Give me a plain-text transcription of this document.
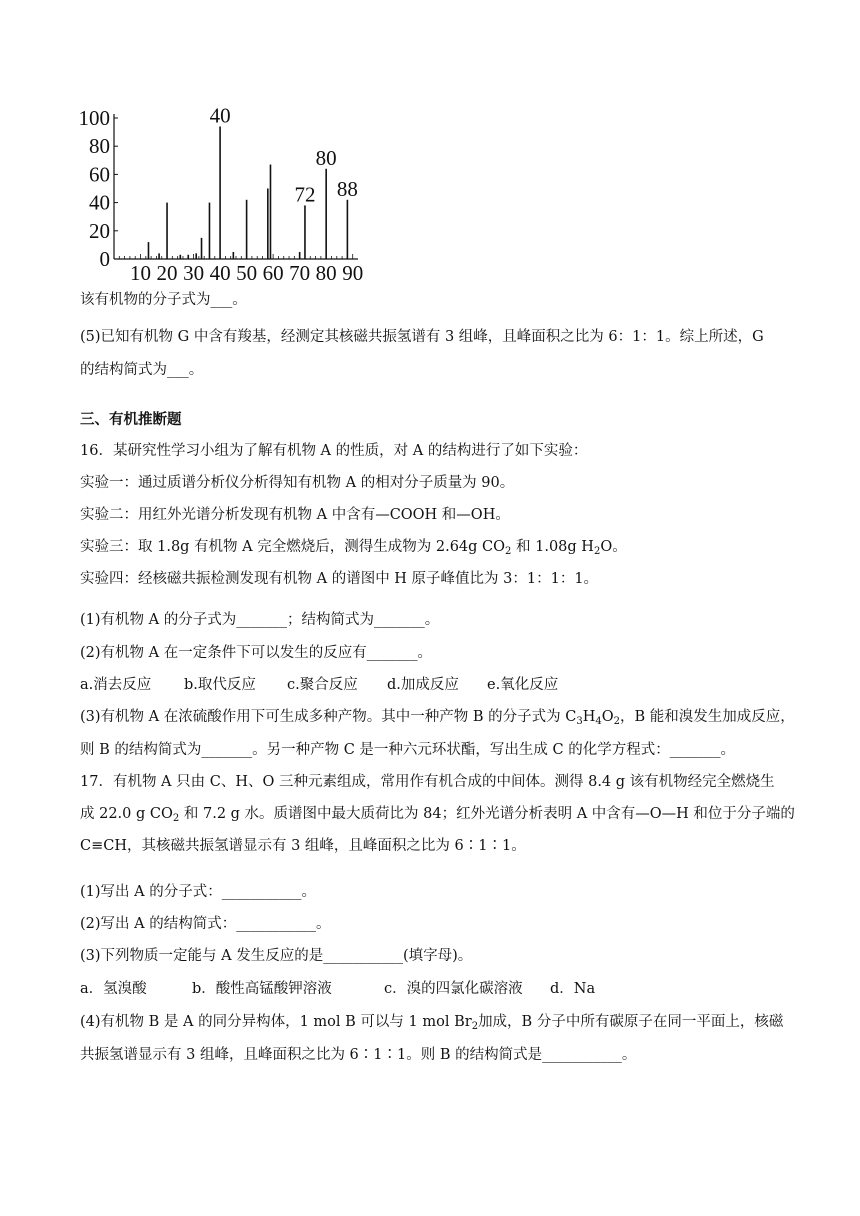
0
20
40
60
80
100
10 20 30 40 50 60 70 80 90
40
72
80
88
该有机物的分子式为___。
(5)已知有机物 G 中含有羧基，经测定其核磁共振氢谱有 3 组峰，且峰面积之比为 6：1：1。综上所述，G
的结构简式为___。
三、有机推断题
16．某研究性学习小组为了解有机物 A 的性质，对 A 的结构进行了如下实验：
实验一：通过质谱分析仪分析得知有机物 A 的相对分子质量为 90。
实验二：用红外光谱分析发现有机物 A 中含有—COOH 和—OH。
实验三：取 1.8g 有机物 A 完全燃烧后，测得生成物为 2.64g $CO_2$ 和 1.08g $H_2O$。
实验四：经核磁共振检测发现有机物 A 的谱图中 H 原子峰值比为 3：1：1：1。
(1)有机物 A 的分子式为_______；结构简式为_______。
(2)有机物 A 在一定条件下可以发生的反应有_______。
a.消去反应 b.取代反应 c.聚合反应 d.加成反应 e.氧化反应
(3)有机物 A 在浓硫酸作用下可生成多种产物。其中一种产物 B 的分子式为 $C_3H_4O_2$，B 能和溴发生加成反应，
则 B 的结构简式为_______。另一种产物 C 是一种六元环状酯，写出生成 C 的化学方程式：_______。
17．有机物 A 只由 C、H、O 三种元素组成，常用作有机合成的中间体。测得 8.4 g 该有机物经完全燃烧生
成 22.0 g $CO_2$ 和 7.2 g 水。质谱图中最大质荷比为 84；红外光谱分析表明 A 中含有—O—H 和位于分子端的
C≡CH，其核磁共振氢谱显示有 3 组峰，且峰面积之比为 6∶1∶1。
(1)写出 A 的分子式：___________。
(2)写出 A 的结构简式：___________。
(3)下列物质一定能与 A 发生反应的是___________(填字母)。
a．氢溴酸	b．酸性高锰酸钾溶液	c．溴的四氯化碳溶液 d．Na
(4)有机物 B 是 A 的同分异构体，1 mol B 可以与 1 mol $Br_2$加成，B 分子中所有碳原子在同一平面上，核磁
共振氢谱显示有 3 组峰，且峰面积之比为 6∶1∶1。则 B 的结构简式是___________。
